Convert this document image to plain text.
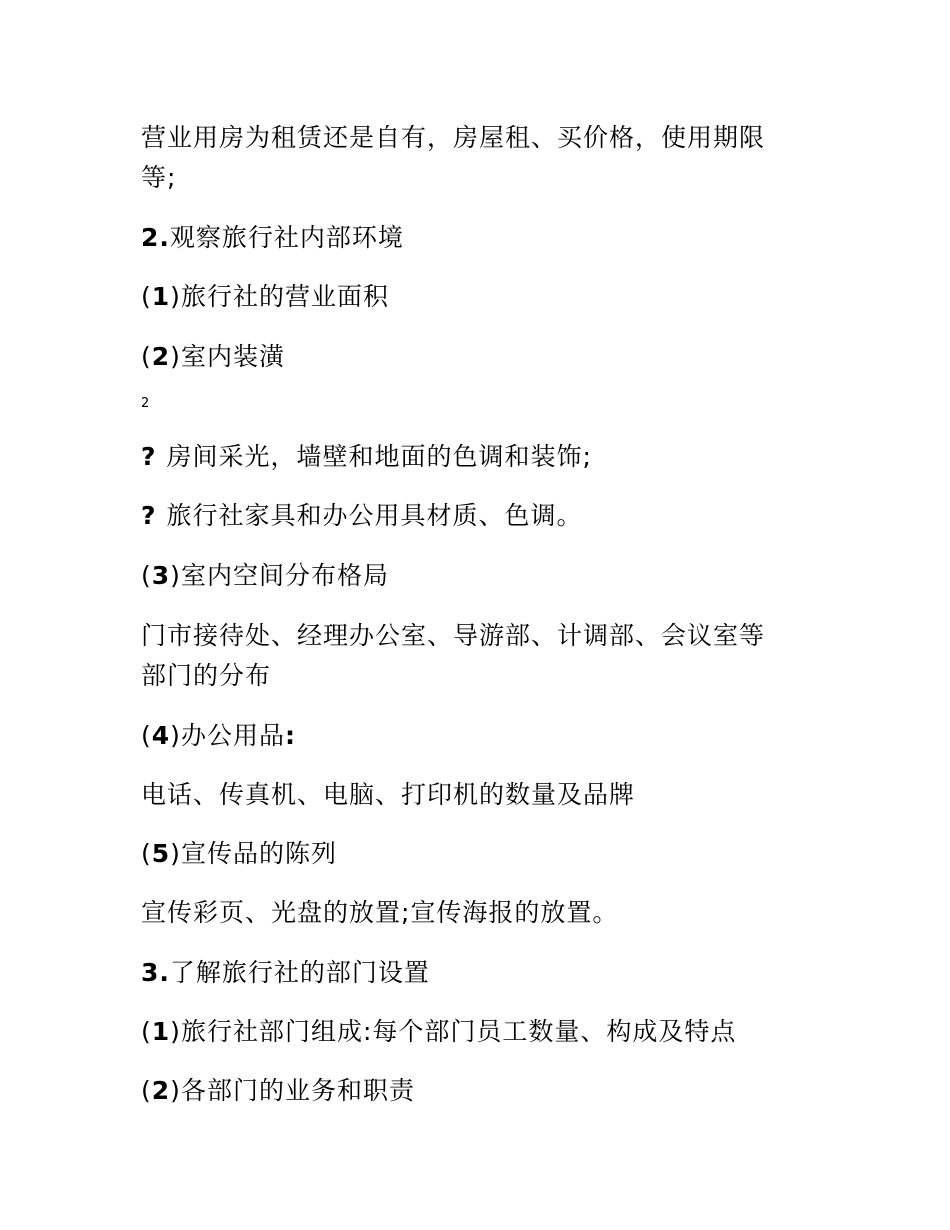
营业用房为租赁还是自有，房屋租、买价格，使用期限
等;
2.观察旅行社内部环境
(1)旅行社的营业面积
(2)室内装潢
2
? 房间采光，墙壁和地面的色调和装饰;
? 旅行社家具和办公用具材质、色调。
(3)室内空间分布格局
门市接待处、经理办公室、导游部、计调部、会议室等
部门的分布
(4)办公用品:
电话、传真机、电脑、打印机的数量及品牌
(5)宣传品的陈列
宣传彩页、光盘的放置;宣传海报的放置。
3.了解旅行社的部门设置
(1)旅行社部门组成:每个部门员工数量、构成及特点
(2)各部门的业务和职责
